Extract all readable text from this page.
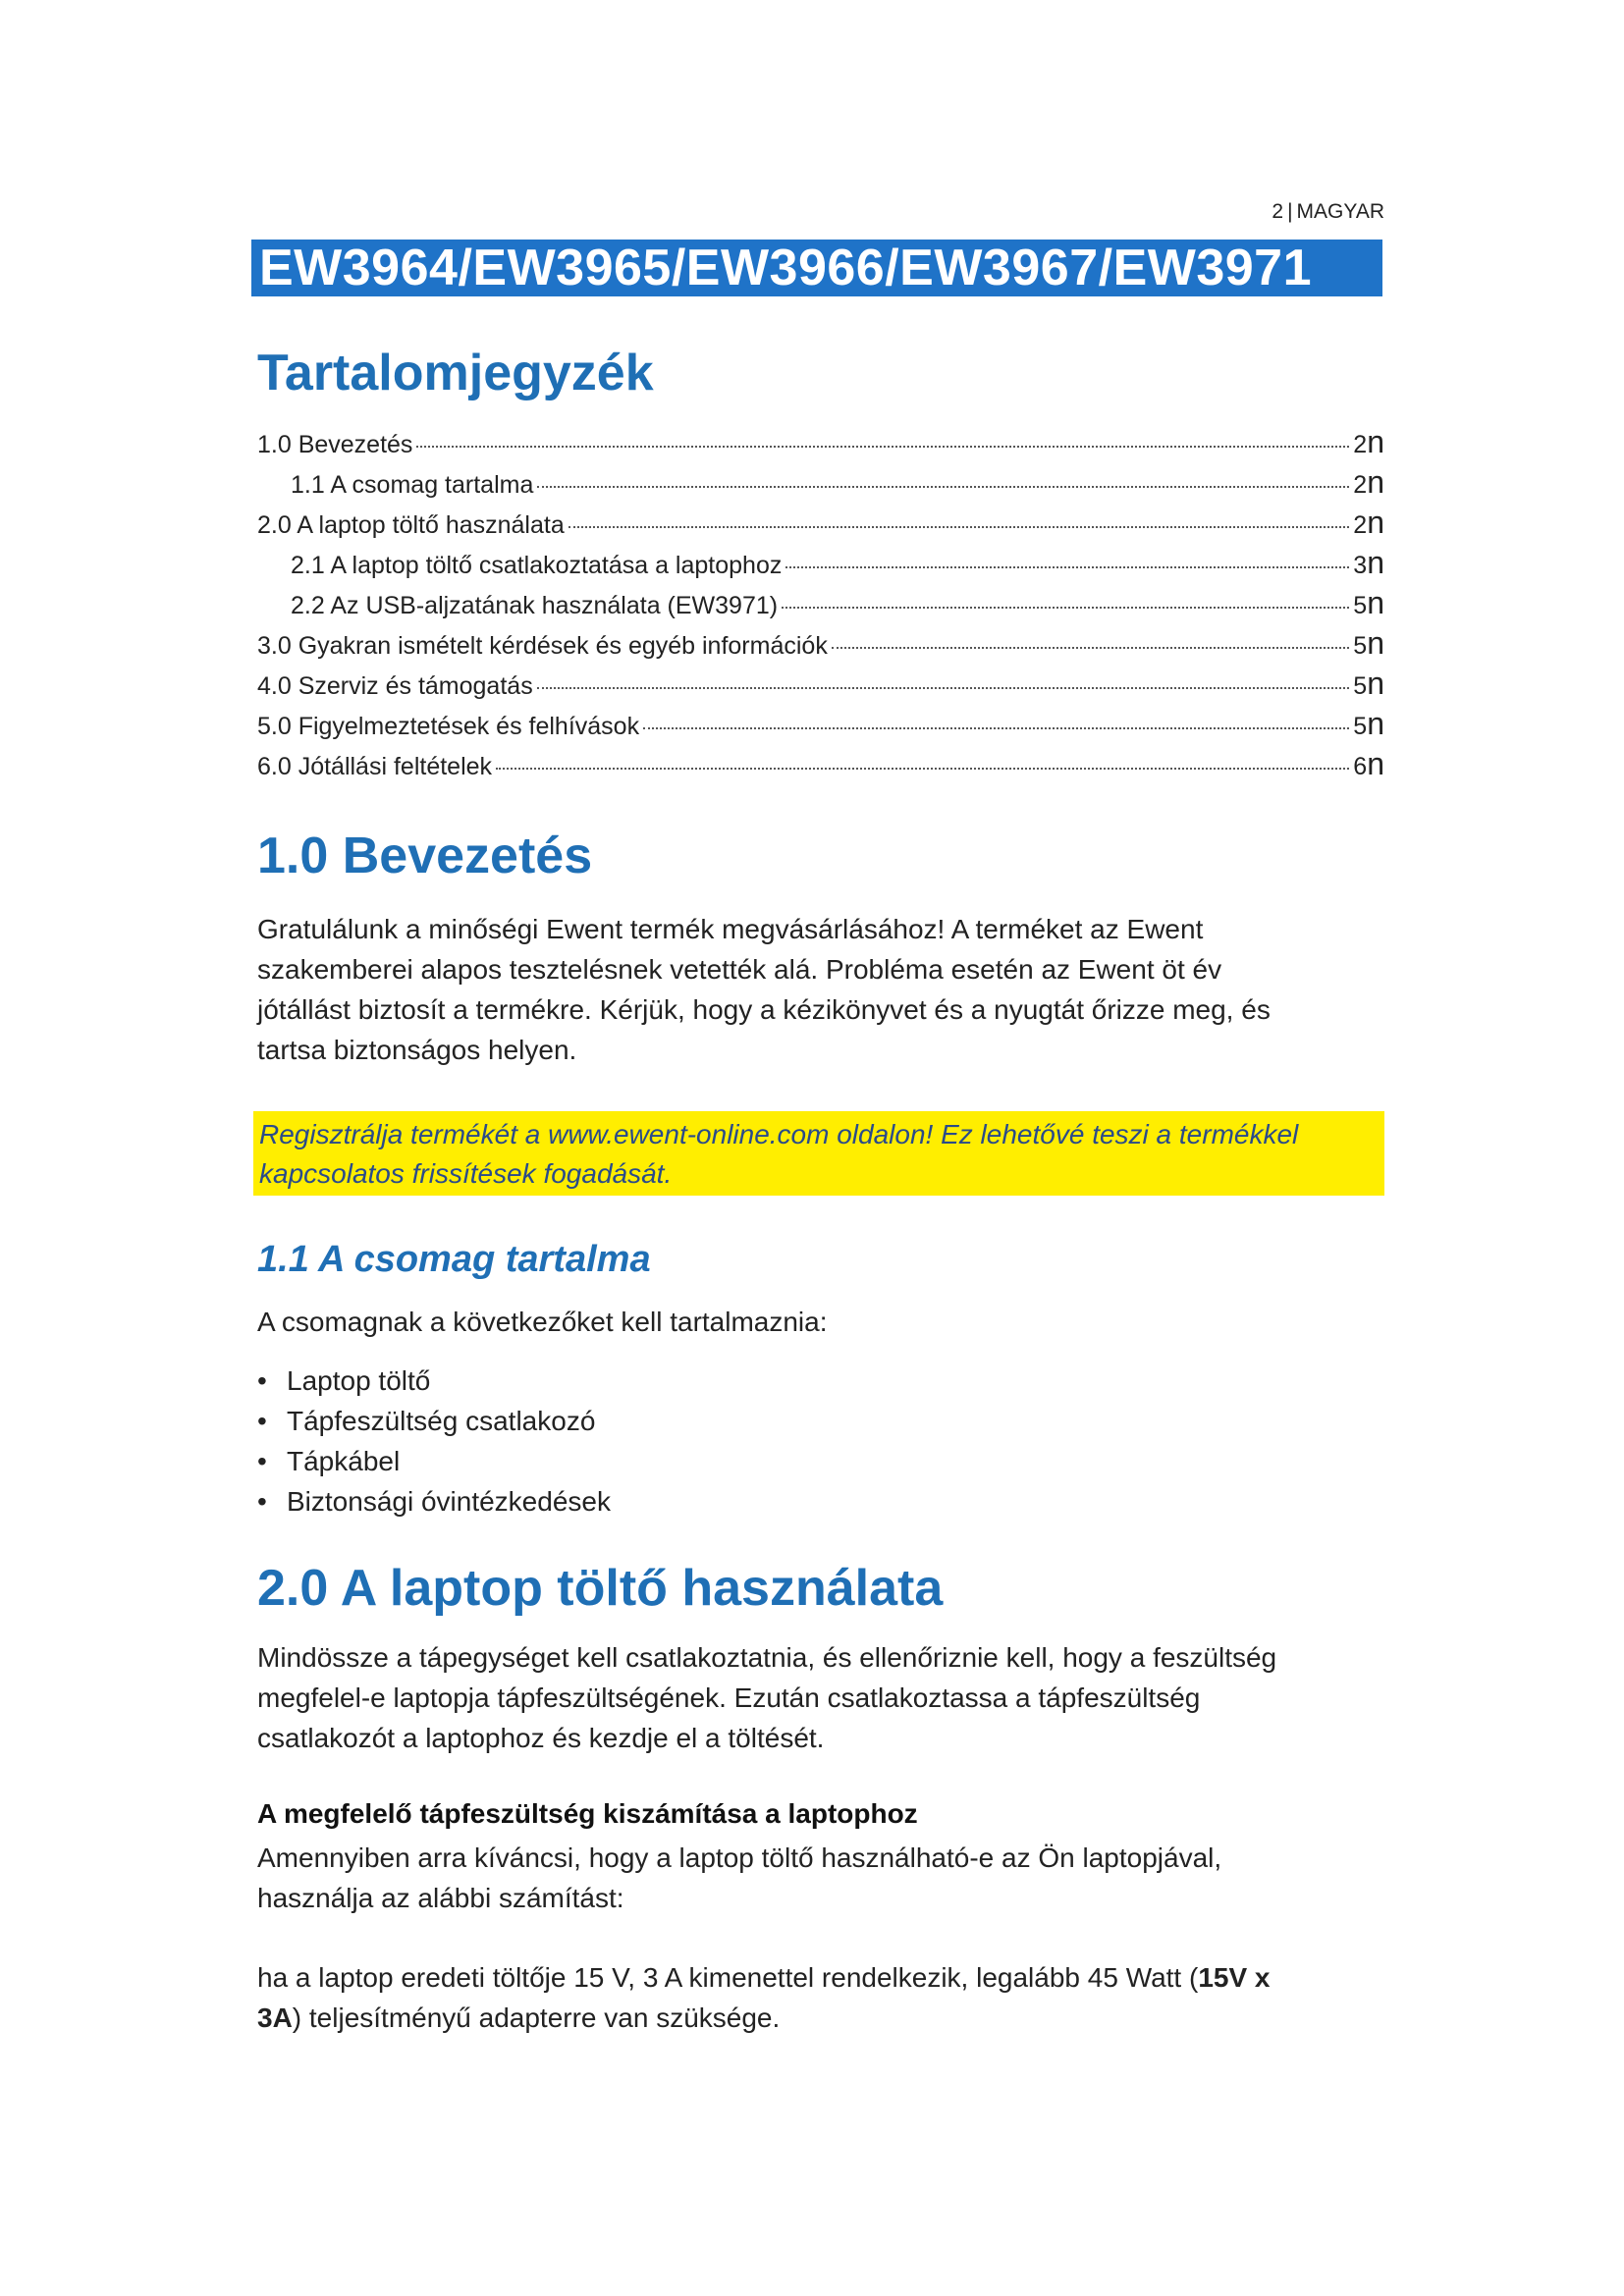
2 | MAGYAR
EW3964/EW3965/EW3966/EW3967/EW3971
Tartalomjegyzék
1.0 Bevezetés	2n
1.1 A csomag tartalma	2n
2.0 A laptop töltő használata	2n
2.1 A laptop töltő csatlakoztatása a laptophoz	3n
2.2 Az USB-aljzatának használata (EW3971)	5n
3.0 Gyakran ismételt kérdések és egyéb információk	5n
4.0 Szerviz és támogatás	5n
5.0 Figyelmeztetések és felhívások	5n
6.0 Jótállási feltételek	6n
1.0 Bevezetés
Gratulálunk a minőségi Ewent termék megvásárlásához! A terméket az Ewent
szakemberei alapos tesztelésnek vetették alá. Probléma esetén az Ewent öt év
jótállást biztosít a termékre. Kérjük, hogy a kézikönyvet és a nyugtát őrizze meg, és
tartsa biztonságos helyen.
Regisztrálja termékét a www.ewent-online.com oldalon! Ez lehetővé teszi a termékkel
kapcsolatos frissítések fogadását.
1.1 A csomag tartalma
A csomagnak a következőket kell tartalmaznia:
• Laptop töltő
• Tápfeszültség csatlakozó
• Tápkábel
• Biztonsági óvintézkedések
2.0 A laptop töltő használata
Mindössze a tápegységet kell csatlakoztatnia, és ellenőriznie kell, hogy a feszültség
megfelel-e laptopja tápfeszültségének. Ezután csatlakoztassa a tápfeszültség
csatlakozót a laptophoz és kezdje el a töltését.
A megfelelő tápfeszültség kiszámítása a laptophoz
Amennyiben arra kíváncsi, hogy a laptop töltő használható-e az Ön laptopjával,
használja az alábbi számítást:
ha a laptop eredeti töltője 15 V, 3 A kimenettel rendelkezik, legalább 45 Watt (15V x
3A) teljesítményű adapterre van szüksége.
